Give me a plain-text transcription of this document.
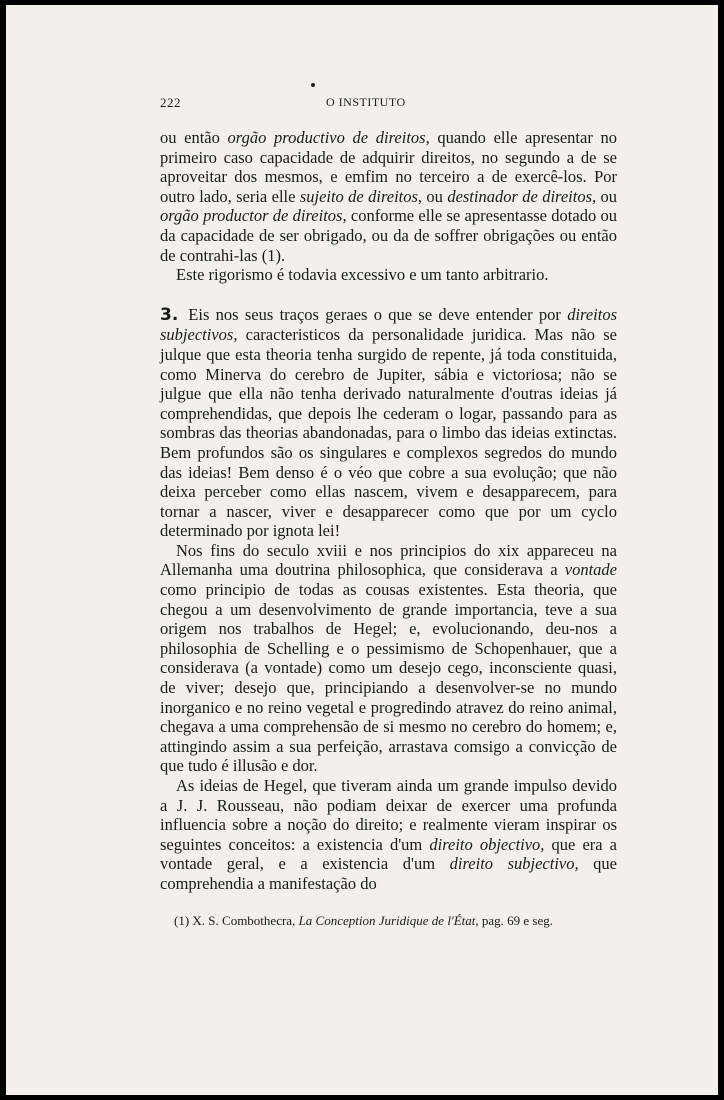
222	O INSTITUTO

ou então orgão productivo de direitos, quando elle apresentar no primeiro caso capacidade de adquirir direitos, no segundo a de se aproveitar dos mesmos, e emfim no terceiro a de exercê-los. Por outro lado, seria elle sujeito de direitos, ou destinador de direitos, ou orgão productor de direitos, conforme elle se apresentasse dotado ou da capacidade de ser obrigado, ou da de soffrer obrigações ou então de contrahi-las (1).

Este rigorismo é todavia excessivo e um tanto arbitrario.

3. Eis nos seus traços geraes o que se deve entender por direitos subjectivos, caracteristicos da personalidade juridica. Mas não se julque que esta theoria tenha surgido de repente, já toda constituida, como Minerva do cerebro de Jupiter, sábia e victoriosa; não se julgue que ella não tenha derivado naturalmente d'outras ideias já comprehendidas, que depois lhe cederam o logar, passando para as sombras das theorias abandonadas, para o limbo das ideias extinctas. Bem profundos são os singulares e complexos segredos do mundo das ideias! Bem denso é o véo que cobre a sua evolução; que não deixa perceber como ellas nascem, vivem e desapparecem, para tornar a nascer, viver e desapparecer como que por um cyclo determinado por ignota lei!

Nos fins do seculo xviii e nos principios do xix appareceu na Allemanha uma doutrina philosophica, que considerava a vontade como principio de todas as cousas existentes. Esta theoria, que chegou a um desenvolvimento de grande importancia, teve a sua origem nos trabalhos de Hegel; e, evolucionando, deu-nos a philosophia de Schelling e o pessimismo de Schopenhauer, que a considerava (a vontade) como um desejo cego, inconsciente quasi, de viver; desejo que, principiando a desenvolver-se no mundo inorganico e no reino vegetal e progredindo atravez do reino animal, chegava a uma comprehensão de si mesmo no cerebro do homem; e, attingindo assim a sua perfeição, arrastava comsigo a convicção de que tudo é illusão e dor.

As ideias de Hegel, que tiveram ainda um grande impulso devido a J. J. Rousseau, não podiam deixar de exercer uma profunda influencia sobre a noção do direito; e realmente vieram inspirar os seguintes conceitos: a existencia d'um direito objectivo, que era a vontade geral, e a existencia d'um direito subjectivo, que comprehendia a manifestação do

(1) X. S. Combothecra, La Conception Juridique de l'État, pag. 69 e seg.
